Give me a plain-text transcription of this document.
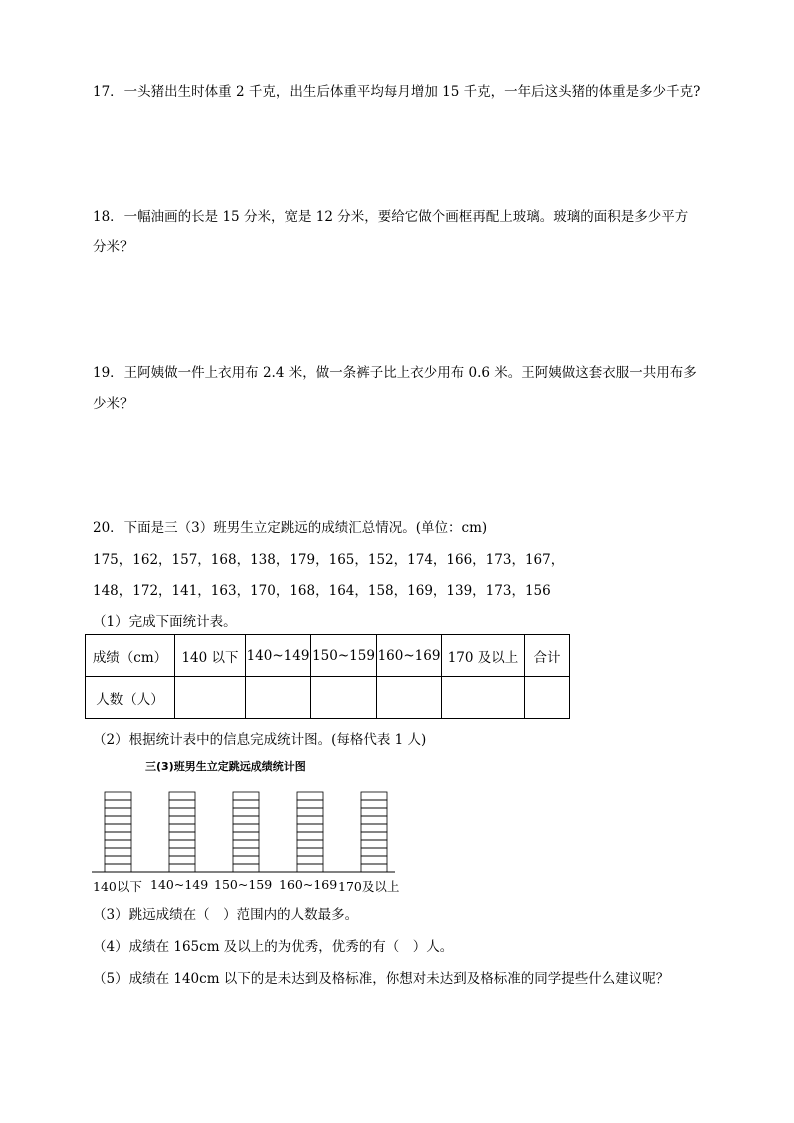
17．一头猪出生时体重 2 千克，出生后体重平均每月增加 15 千克，一年后这头猪的体重是多少千克?
18．一幅油画的长是 15 分米，宽是 12 分米，要给它做个画框再配上玻璃。玻璃的面积是多少平方
分米？
19．王阿姨做一件上衣用布 2.4 米，做一条裤子比上衣少用布 0.6 米。王阿姨做这套衣服一共用布多
少米？
20．下面是三（3）班男生立定跳远的成绩汇总情况。(单位：cm)
175，162，157，168，138，179，165，152，174，166，173，167，
148，172，141，163，170，168，164，158，169，139，173，156
（1）完成下面统计表。
成绩（cm）	140 以下	140~149	150~159	160~169	170 及以上	合计
人数（人）						
（2）根据统计表中的信息完成统计图。(每格代表 1 人)
三(3)班男生立定跳远成绩统计图
140以下 140~149 150~159 160~169 170及以上
（3）跳远成绩在（　）范围内的人数最多。
（4）成绩在 165cm 及以上的为优秀，优秀的有（　）人。
（5）成绩在 140cm 以下的是未达到及格标准，你想对未达到及格标准的同学提些什么建议呢？
